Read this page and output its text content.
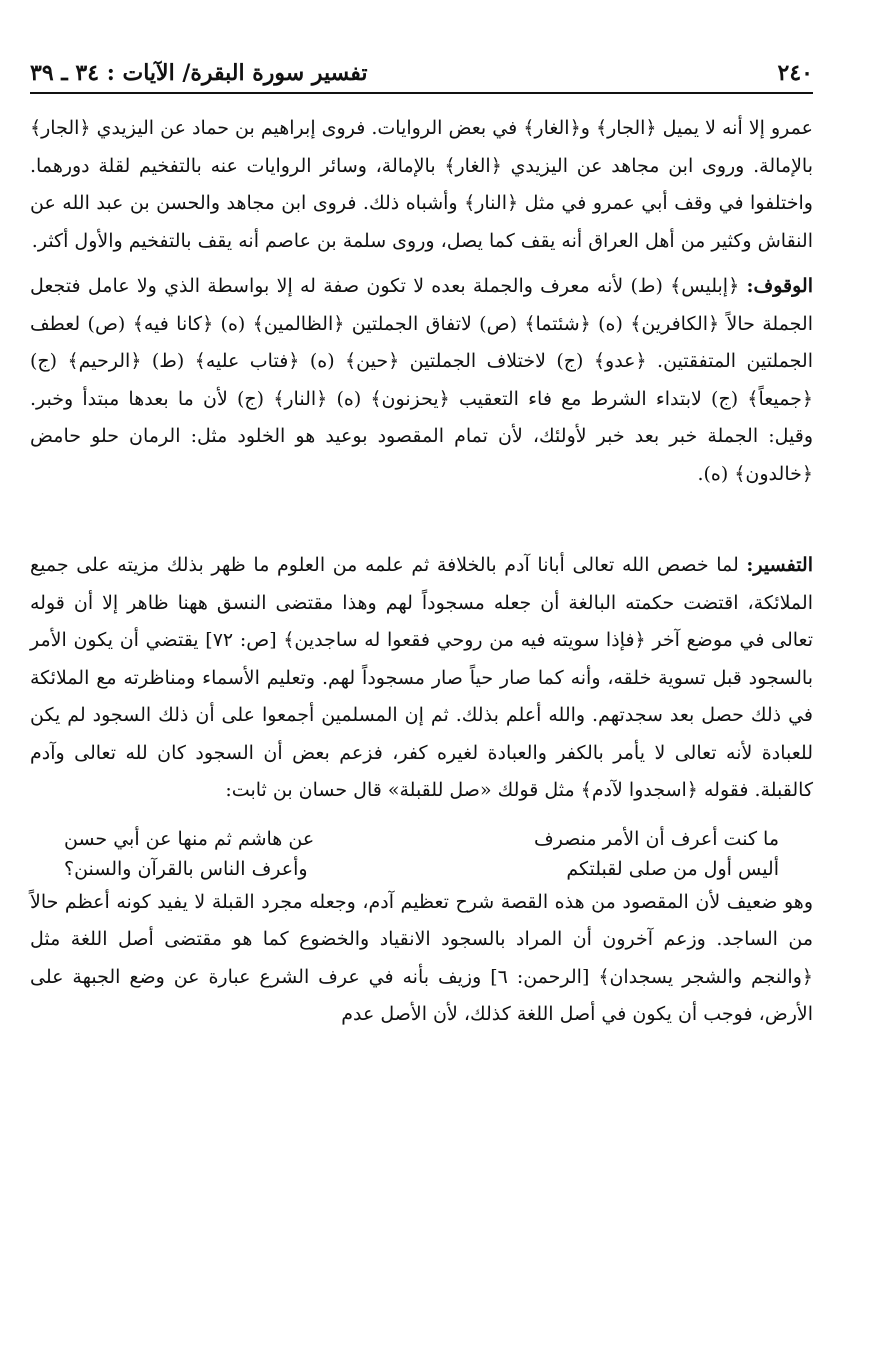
٢٤٠
تفسير سورة البقرة/ الآيات : ٣٤ ـ ٣٩

عمرو إلا أنه لا يميل ﴿الجار﴾ و﴿الغار﴾ في بعض الروايات. فروى إبراهيم بن حماد عن اليزيدي ﴿الجار﴾ بالإمالة. وروى ابن مجاهد عن اليزيدي ﴿الغار﴾ بالإمالة، وسائر الروايات عنه بالتفخيم لقلة دورهما. واختلفوا في وقف أبي عمرو في مثل ﴿النار﴾ وأشباه ذلك. فروى ابن مجاهد والحسن بن عبد الله عن النقاش وكثير من أهل العراق أنه يقف كما يصل، وروى سلمة بن عاصم أنه يقف بالتفخيم والأول أكثر.

الوقوف: ﴿إبليس﴾ (ط) لأنه معرف والجملة بعده لا تكون صفة له إلا بواسطة الذي ولا عامل فتجعل الجملة حالاً ﴿الكافرين﴾ (ه) ﴿شئتما﴾ (ص) لاتفاق الجملتين ﴿الظالمين﴾ (ه) ﴿كانا فيه﴾ (ص) لعطف الجملتين المتفقتين. ﴿عدو﴾ (ج) لاختلاف الجملتين ﴿حين﴾ (ه) ﴿فتاب عليه﴾ (ط) ﴿الرحيم﴾ (ج) ﴿جميعاً﴾ (ج) لابتداء الشرط مع فاء التعقيب ﴿يحزنون﴾ (ه) ﴿النار﴾ (ج) لأن ما بعدها مبتدأ وخبر. وقيل: الجملة خبر بعد خبر لأولئك، لأن تمام المقصود بوعيد هو الخلود مثل: الرمان حلو حامض ﴿خالدون﴾ (ه).

التفسير: لما خصص الله تعالى أبانا آدم بالخلافة ثم علمه من العلوم ما ظهر بذلك مزيته على جميع الملائكة، اقتضت حكمته البالغة أن جعله مسجوداً لهم وهذا مقتضى النسق ههنا ظاهر إلا أن قوله تعالى في موضع آخر ﴿فإذا سويته فيه من روحي فقعوا له ساجدين﴾ [ص: ٧٢] يقتضي أن يكون الأمر بالسجود قبل تسوية خلقه، وأنه كما صار حياً صار مسجوداً لهم. وتعليم الأسماء ومناظرته مع الملائكة في ذلك حصل بعد سجدتهم. والله أعلم بذلك. ثم إن المسلمين أجمعوا على أن ذلك السجود لم يكن للعبادة لأنه تعالى لا يأمر بالكفر والعبادة لغيره كفر، فزعم بعض أن السجود كان لله تعالى وآدم كالقبلة. فقوله ﴿اسجدوا لآدم﴾ مثل قولك «صل للقبلة» قال حسان بن ثابت:

ما كنت أعرف أن الأمر منصرف
عن هاشم ثم منها عن أبي حسن
أليس أول من صلى لقبلتكم
وأعرف الناس بالقرآن والسنن؟

وهو ضعيف لأن المقصود من هذه القصة شرح تعظيم آدم، وجعله مجرد القبلة لا يفيد كونه أعظم حالاً من الساجد. وزعم آخرون أن المراد بالسجود الانقياد والخضوع كما هو مقتضى أصل اللغة مثل ﴿والنجم والشجر يسجدان﴾ [الرحمن: ٦] وزيف بأنه في عرف الشرع عبارة عن وضع الجبهة على الأرض، فوجب أن يكون في أصل اللغة كذلك، لأن الأصل عدم
